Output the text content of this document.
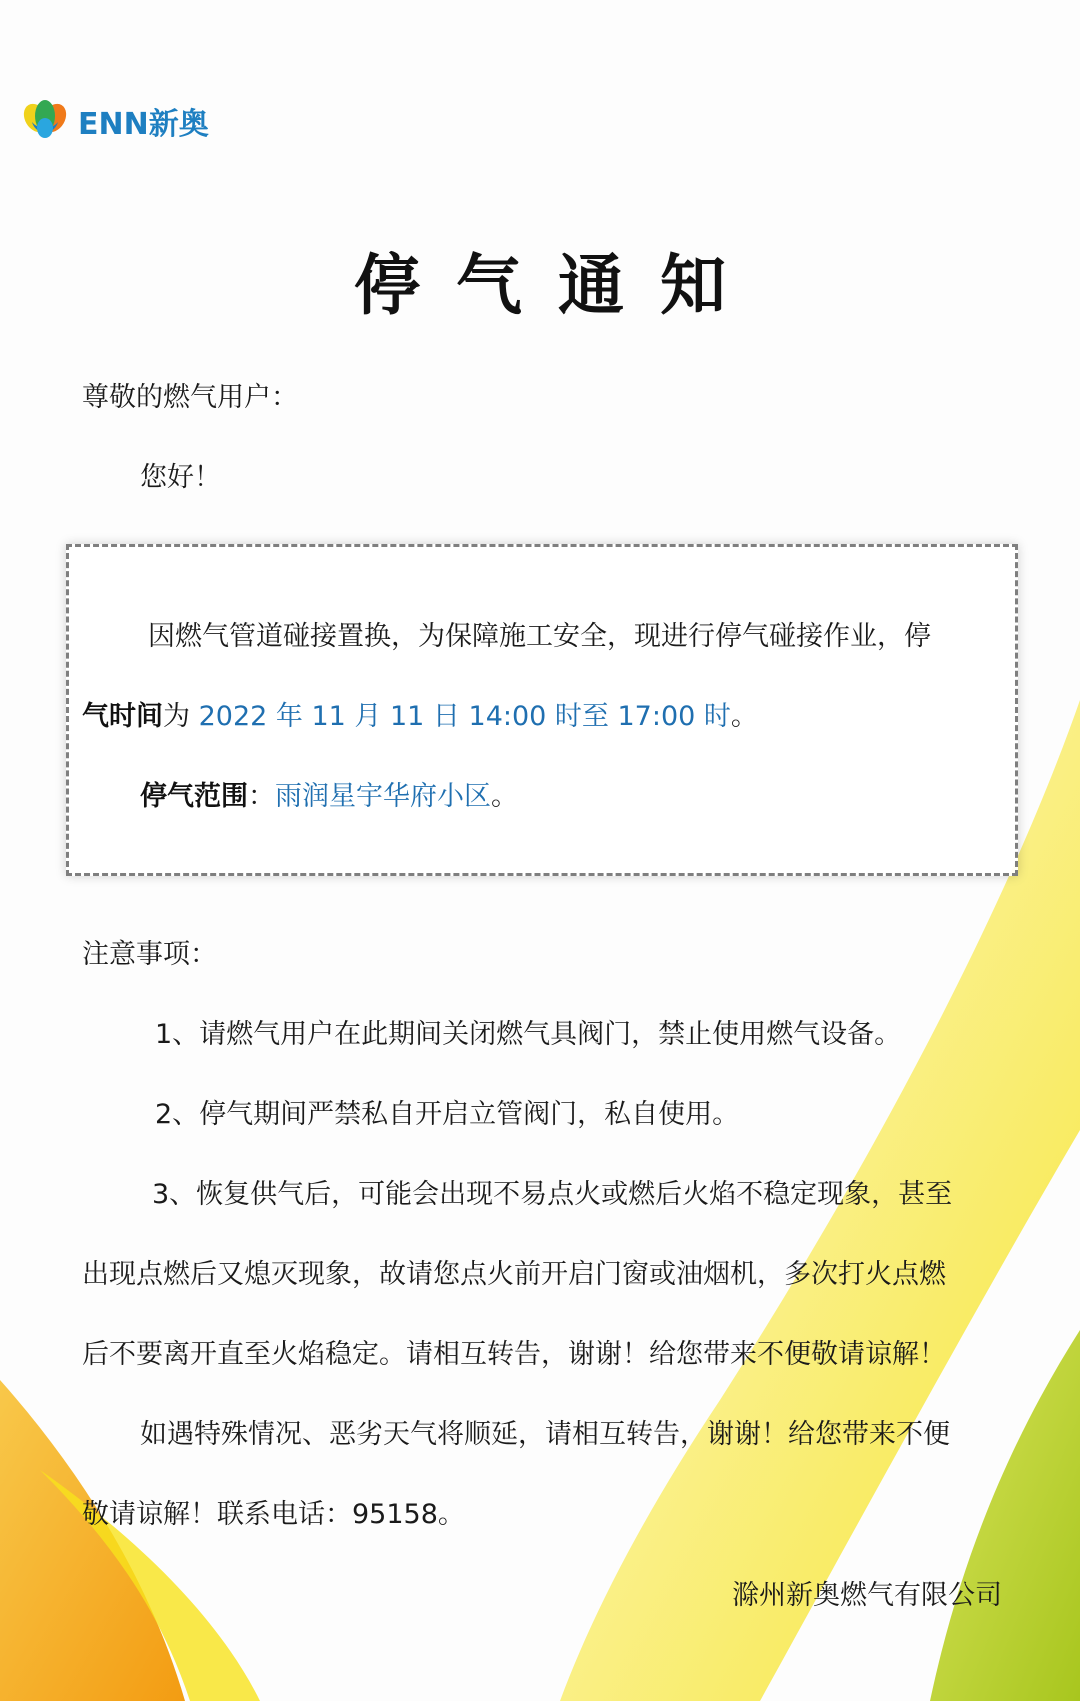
ENN新奥
停气通知
尊敬的燃气用户：
您好！
因燃气管道碰接置换，为保障施工安全，现进行停气碰接作业，停
气时间为 2022 年 11 月 11 日 14:00 时至 17:00 时。
停气范围：雨润星宇华府小区。
注意事项：
1、请燃气用户在此期间关闭燃气具阀门，禁止使用燃气设备。
2、停气期间严禁私自开启立管阀门，私自使用。
3、恢复供气后，可能会出现不易点火或燃后火焰不稳定现象，甚至
出现点燃后又熄灭现象，故请您点火前开启门窗或油烟机，多次打火点燃
后不要离开直至火焰稳定。请相互转告，谢谢！给您带来不便敬请谅解！
如遇特殊情况、恶劣天气将顺延，请相互转告，谢谢！给您带来不便
敬请谅解！联系电话：95158。
滁州新奥燃气有限公司
